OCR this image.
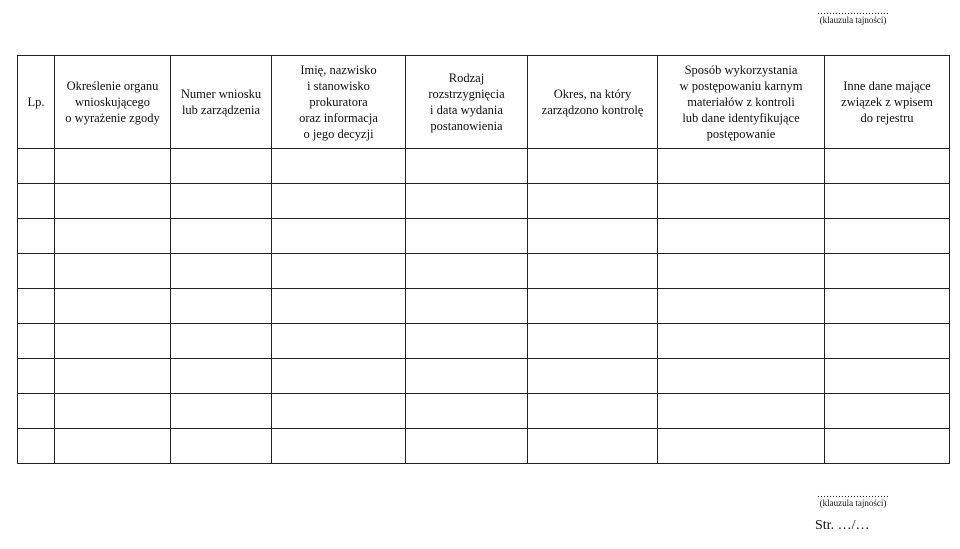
……………………
(klauzula tajności)
Lp.	Określenie organu
wnioskującego
o wyrażenie zgody	Numer wniosku
lub zarządzenia	Imię, nazwisko
i stanowisko
prokuratora
oraz informacja
o jego decyzji	Rodzaj
rozstrzygnięcia
i data wydania
postanowienia	Okres, na który
zarządzono kontrolę	Sposób wykorzystania
w postępowaniu karnym
materiałów z kontroli
lub dane identyfikujące
postępowanie	Inne dane mające
związek z wpisem
do rejestru

……………………
(klauzula tajności)
Str. …/…
